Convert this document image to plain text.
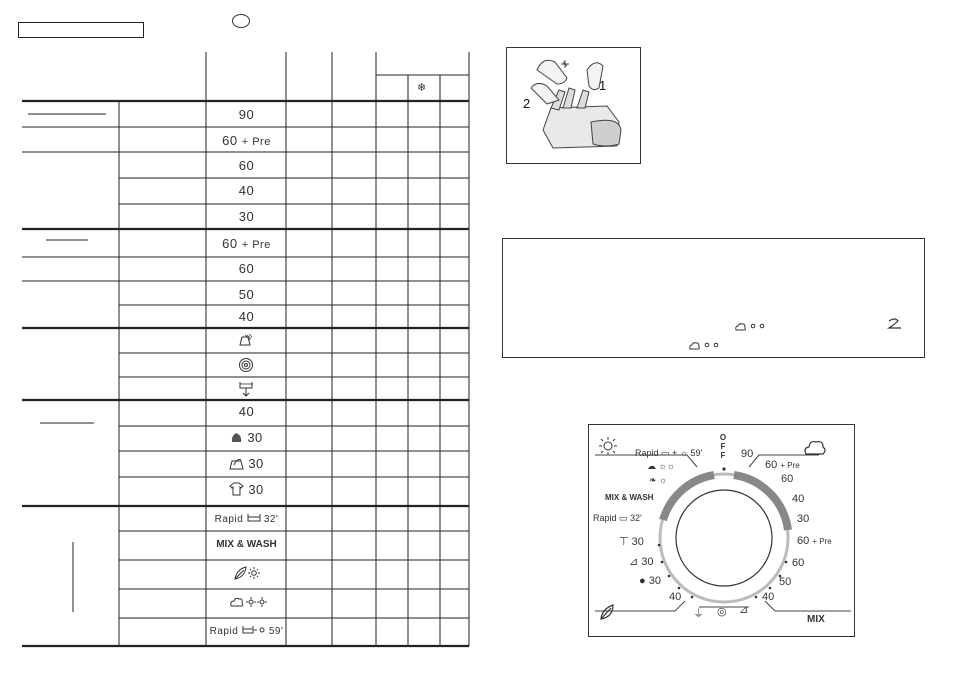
❄
90
60 + Pre
60
40
30
60 + Pre
60
50
40
40
30
30
30
Rapid 32'
MIX & WASH
Rapid	59'
1
2
OFF
Rapid ▭ + ☼ 59'
☁ ☼☼
❧ ☼
MIX & WASH
Rapid ▭ 32'
⊤ 30
⊿ 30
● 30
40
90
60 + Pre
60
40
30
60 + Pre
60
50
40
MIX
⏚ ◎ ⊿
